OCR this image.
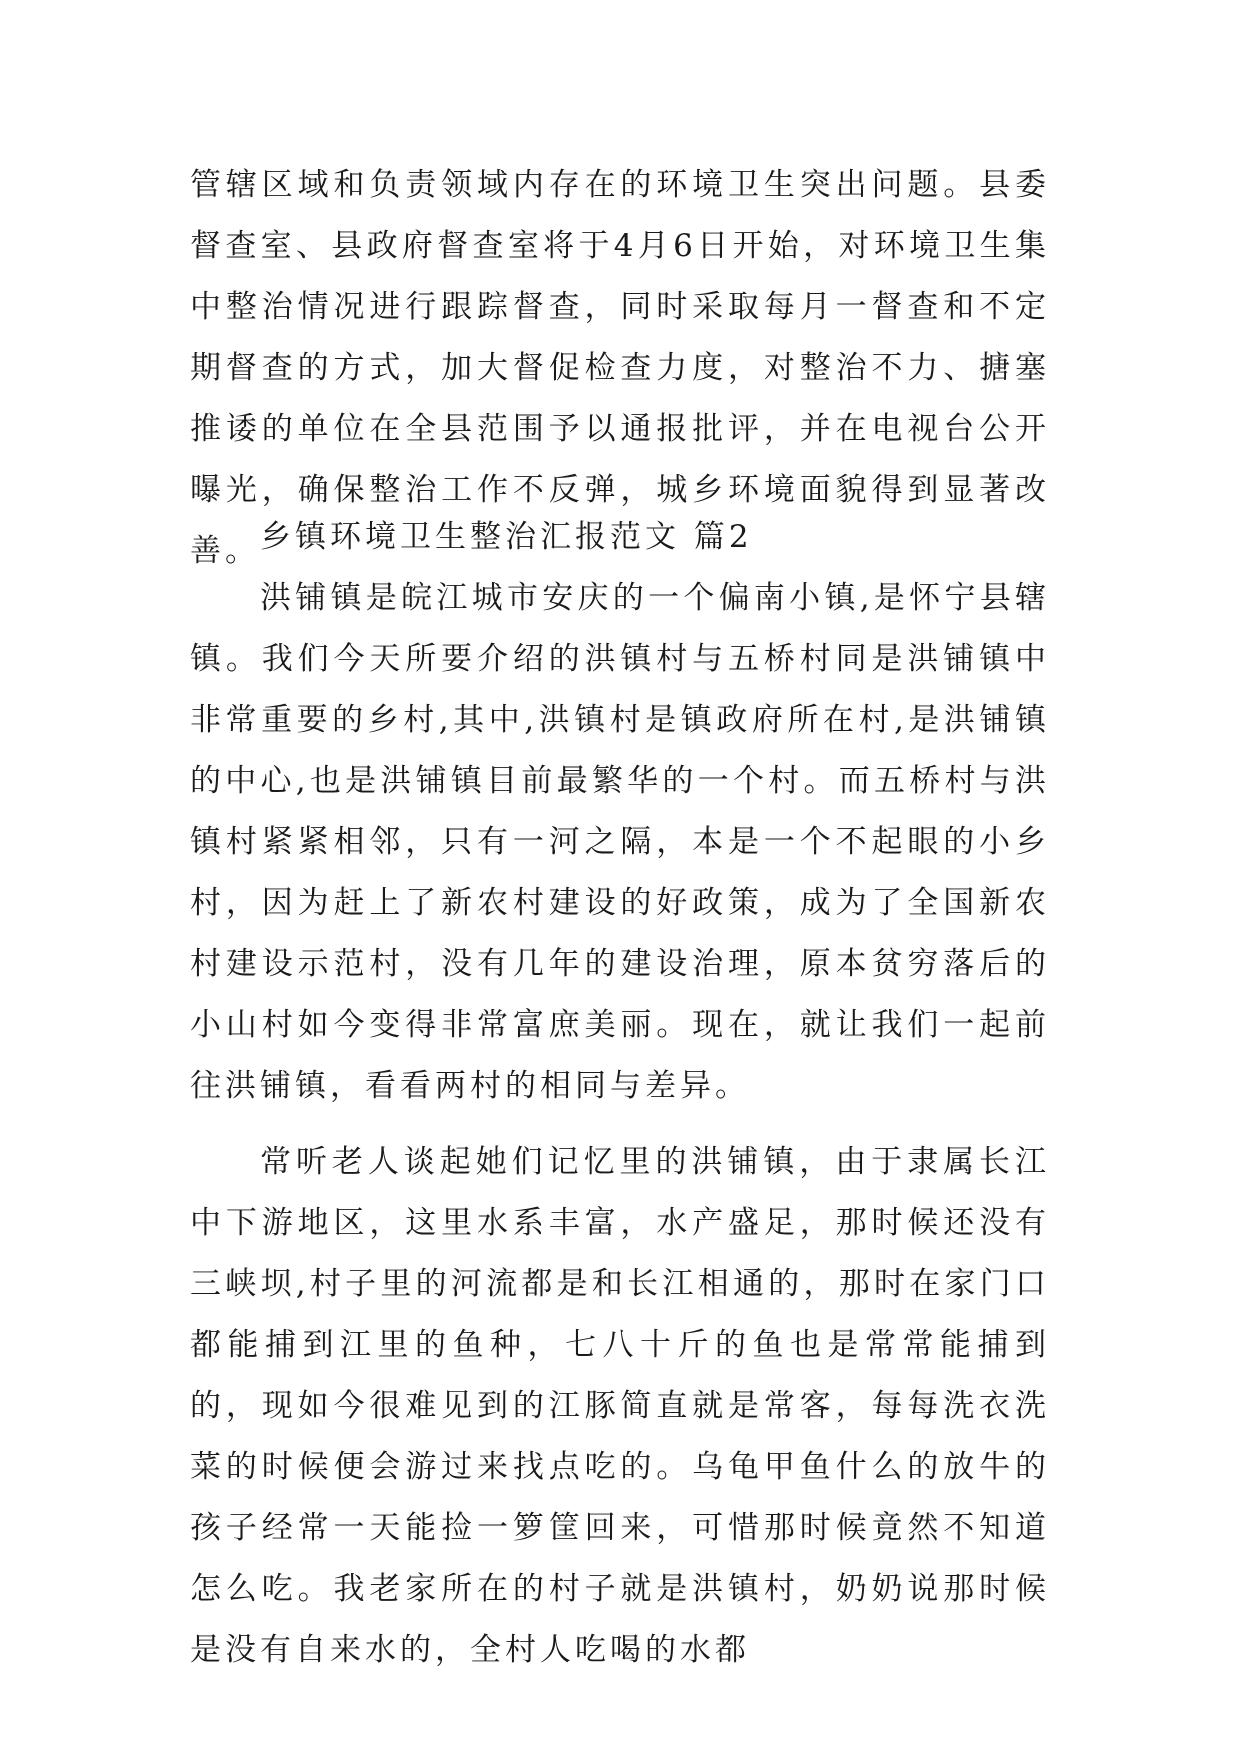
管辖区域和负责领域内存在的环境卫生突出问题。县委督查室、县政府督查室将于4月6日开始，对环境卫生集中整治情况进行跟踪督查，同时采取每月一督查和不定期督查的方式，加大督促检查力度，对整治不力、搪塞推诿的单位在全县范围予以通报批评，并在电视台公开曝光，确保整治工作不反弹，城乡环境面貌得到显著改善。 乡镇环境卫生整治汇报范文 篇2

洪铺镇是皖江城市安庆的一个偏南小镇,是怀宁县辖镇。我们今天所要介绍的洪镇村与五桥村同是洪铺镇中非常重要的乡村,其中,洪镇村是镇政府所在村,是洪铺镇的中心,也是洪铺镇目前最繁华的一个村。而五桥村与洪镇村紧紧相邻，只有一河之隔，本是一个不起眼的小乡村，因为赶上了新农村建设的好政策，成为了全国新农村建设示范村，没有几年的建设治理，原本贫穷落后的小山村如今变得非常富庶美丽。现在，就让我们一起前往洪铺镇，看看两村的相同与差异。

常听老人谈起她们记忆里的洪铺镇，由于隶属长江中下游地区，这里水系丰富，水产盛足，那时候还没有三峡坝,村子里的河流都是和长江相通的，那时在家门口都能捕到江里的鱼种，七八十斤的鱼也是常常能捕到的，现如今很难见到的江豚简直就是常客，每每洗衣洗菜的时候便会游过来找点吃的。乌龟甲鱼什么的放牛的孩子经常一天能捡一箩筐回来，可惜那时候竟然不知道怎么吃。我老家所在的村子就是洪镇村，奶奶说那时候是没有自来水的，全村人吃喝的水都
